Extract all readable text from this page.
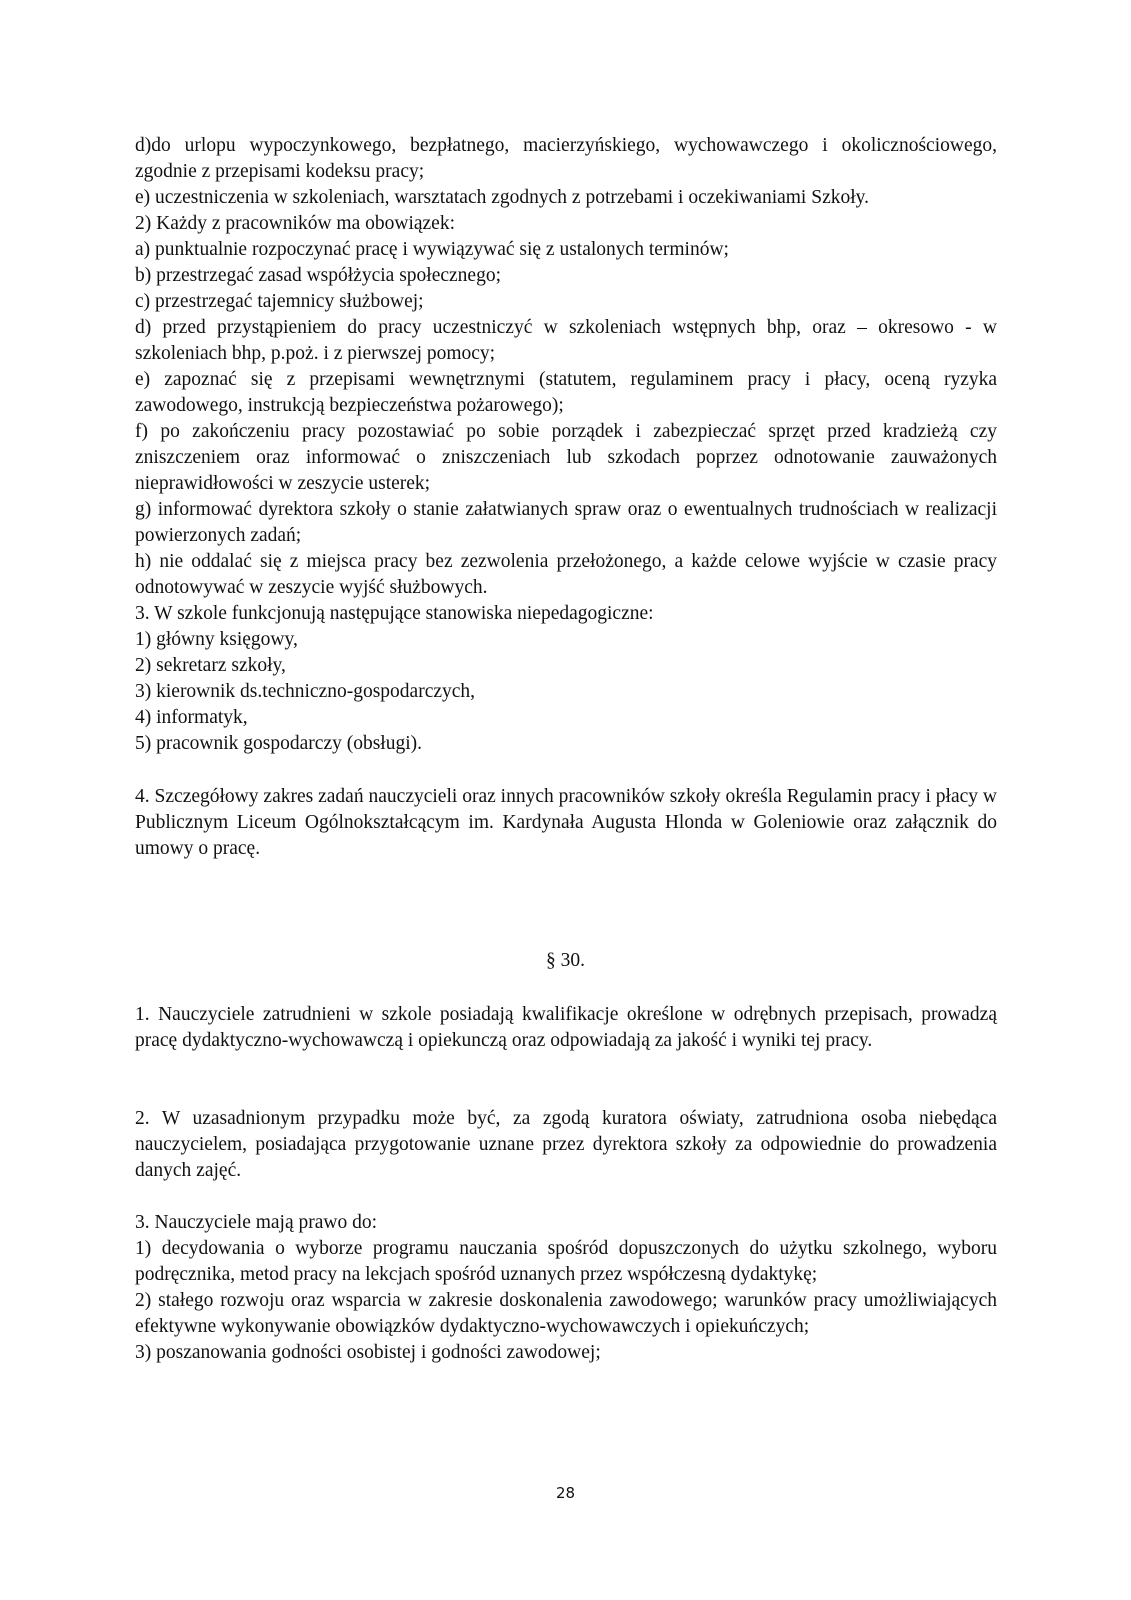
d)do urlopu wypoczynkowego, bezpłatnego, macierzyńskiego, wychowawczego i okolicznościowego, zgodnie z przepisami kodeksu pracy;

e) uczestniczenia w szkoleniach, warsztatach zgodnych z potrzebami i oczekiwaniami Szkoły.

2) Każdy z pracowników ma obowiązek:

a) punktualnie rozpoczynać pracę i wywiązywać się z ustalonych terminów;

b) przestrzegać zasad współżycia społecznego;

c) przestrzegać tajemnicy służbowej;

d) przed przystąpieniem do pracy uczestniczyć w szkoleniach wstępnych bhp, oraz – okresowo - w szkoleniach bhp, p.poż. i z pierwszej pomocy;

e) zapoznać się z przepisami wewnętrznymi (statutem, regulaminem pracy i płacy, oceną ryzyka zawodowego, instrukcją bezpieczeństwa pożarowego);

f) po zakończeniu pracy pozostawiać po sobie porządek i zabezpieczać sprzęt przed kradzieżą czy zniszczeniem oraz informować o zniszczeniach lub szkodach poprzez odnotowanie zauważonych nieprawidłowości w zeszycie usterek;

g) informować dyrektora szkoły o stanie załatwianych spraw oraz o ewentualnych trudnościach w realizacji powierzonych zadań;

h) nie oddalać się z miejsca pracy bez zezwolenia przełożonego, a każde celowe wyjście w czasie pracy odnotowywać w zeszycie wyjść służbowych.

3. W szkole funkcjonują następujące stanowiska niepedagogiczne:

1) główny księgowy,

2) sekretarz szkoły,

3) kierownik ds.techniczno-gospodarczych,

4) informatyk,

5) pracownik gospodarczy (obsługi).

4. Szczegółowy zakres zadań nauczycieli oraz innych pracowników szkoły określa Regulamin pracy i płacy w Publicznym Liceum Ogólnokształcącym im. Kardynała Augusta Hlonda w Goleniowie oraz załącznik do umowy o pracę.

§ 30.

1. Nauczyciele zatrudnieni w szkole posiadają kwalifikacje określone w odrębnych przepisach, prowadzą pracę dydaktyczno-wychowawczą i opiekunczą oraz odpowiadają za jakość i wyniki tej pracy.

2. W uzasadnionym przypadku może być, za zgodą kuratora oświaty, zatrudniona osoba niebędąca nauczycielem, posiadająca przygotowanie uznane przez dyrektora szkoły za odpowiednie do prowadzenia danych zajęć.

3. Nauczyciele mają prawo do:

1) decydowania o wyborze programu nauczania spośród dopuszczonych do użytku szkolnego, wyboru podręcznika, metod pracy na lekcjach spośród uznanych przez współczesną dydaktykę;

2) stałego rozwoju oraz wsparcia w zakresie doskonalenia zawodowego; warunków pracy umożliwiających efektywne wykonywanie obowiązków dydaktyczno-wychowawczych i opiekuńczych;

3) poszanowania godności osobistej i godności zawodowej;

28
